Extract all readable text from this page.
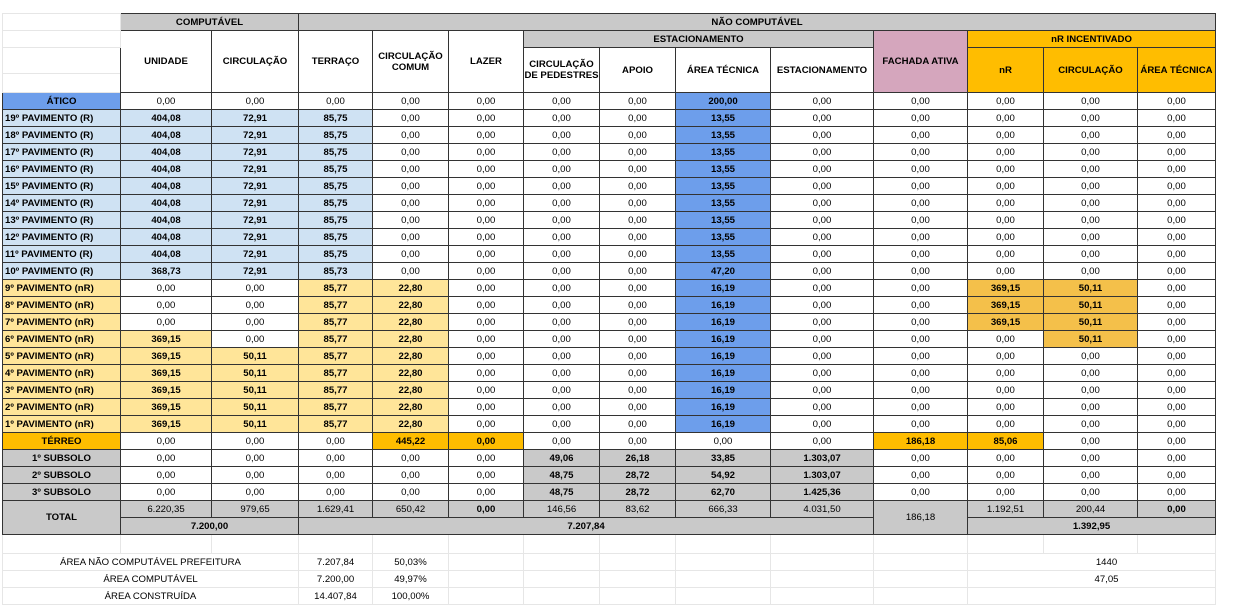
	COMPUTÁVEL		NÃO COMPUTÁVEL										
	UNIDADE	CIRCULAÇÃO	TERRAÇO	CIRCULAÇÃO COMUM	LAZER	ESTACIONAMENTO				FACHADA ATIVA	nR INCENTIVADO		
						CIRCULAÇÃO DE PEDESTRES	APOIO	ÁREA TÉCNICA	ESTACIONAMENTO		nR	CIRCULAÇÃO	ÁREA TÉCNICA

ÁTICO	0,00	0,00	0,00	0,00	0,00	0,00	0,00	200,00	0,00	0,00	0,00	0,00	0,00
19º PAVIMENTO (R)	404,08	72,91	85,75	0,00	0,00	0,00	0,00	13,55	0,00	0,00	0,00	0,00	0,00
18º PAVIMENTO (R)	404,08	72,91	85,75	0,00	0,00	0,00	0,00	13,55	0,00	0,00	0,00	0,00	0,00
17º PAVIMENTO (R)	404,08	72,91	85,75	0,00	0,00	0,00	0,00	13,55	0,00	0,00	0,00	0,00	0,00
16º PAVIMENTO (R)	404,08	72,91	85,75	0,00	0,00	0,00	0,00	13,55	0,00	0,00	0,00	0,00	0,00
15º PAVIMENTO (R)	404,08	72,91	85,75	0,00	0,00	0,00	0,00	13,55	0,00	0,00	0,00	0,00	0,00
14º PAVIMENTO (R)	404,08	72,91	85,75	0,00	0,00	0,00	0,00	13,55	0,00	0,00	0,00	0,00	0,00
13º PAVIMENTO (R)	404,08	72,91	85,75	0,00	0,00	0,00	0,00	13,55	0,00	0,00	0,00	0,00	0,00
12º PAVIMENTO (R)	404,08	72,91	85,75	0,00	0,00	0,00	0,00	13,55	0,00	0,00	0,00	0,00	0,00
11º PAVIMENTO (R)	404,08	72,91	85,75	0,00	0,00	0,00	0,00	13,55	0,00	0,00	0,00	0,00	0,00
10º PAVIMENTO (R)	368,73	72,91	85,73	0,00	0,00	0,00	0,00	47,20	0,00	0,00	0,00	0,00	0,00
9º PAVIMENTO (nR)	0,00	0,00	85,77	22,80	0,00	0,00	0,00	16,19	0,00	0,00	369,15	50,11	0,00
8º PAVIMENTO (nR)	0,00	0,00	85,77	22,80	0,00	0,00	0,00	16,19	0,00	0,00	369,15	50,11	0,00
7º PAVIMENTO (nR)	0,00	0,00	85,77	22,80	0,00	0,00	0,00	16,19	0,00	0,00	369,15	50,11	0,00
6º PAVIMENTO (nR)	369,15	0,00	85,77	22,80	0,00	0,00	0,00	16,19	0,00	0,00	0,00	50,11	0,00
5º PAVIMENTO (nR)	369,15	50,11	85,77	22,80	0,00	0,00	0,00	16,19	0,00	0,00	0,00	0,00	0,00
4º PAVIMENTO (nR)	369,15	50,11	85,77	22,80	0,00	0,00	0,00	16,19	0,00	0,00	0,00	0,00	0,00
3º PAVIMENTO (nR)	369,15	50,11	85,77	22,80	0,00	0,00	0,00	16,19	0,00	0,00	0,00	0,00	0,00
2º PAVIMENTO (nR)	369,15	50,11	85,77	22,80	0,00	0,00	0,00	16,19	0,00	0,00	0,00	0,00	0,00
1º PAVIMENTO (nR)	369,15	50,11	85,77	22,80	0,00	0,00	0,00	16,19	0,00	0,00	0,00	0,00	0,00
TÉRREO	0,00	0,00	0,00	445,22	0,00	0,00	0,00	0,00	0,00	186,18	85,06	0,00	0,00
1º SUBSOLO	0,00	0,00	0,00	0,00	0,00	49,06	26,18	33,85	1.303,07	0,00	0,00	0,00	0,00
2º SUBSOLO	0,00	0,00	0,00	0,00	0,00	48,75	28,72	54,92	1.303,07	0,00	0,00	0,00	0,00
3º SUBSOLO	0,00	0,00	0,00	0,00	0,00	48,75	28,72	62,70	1.425,36	0,00	0,00	0,00	0,00
TOTAL	6.220,35	979,65	1.629,41	650,42	0,00	146,56	83,62	666,33	4.031,50	186,18	1.192,51	200,44	0,00
	7.200,00		7.207,84								1.392,95		

ÁREA NÃO COMPUTÁVEL PREFEITURA			7.207,84	50,03%							1440		
ÁREA COMPUTÁVEL			7.200,00	49,97%							47,05		
ÁREA CONSTRUÍDA			14.407,84	100,00%									
